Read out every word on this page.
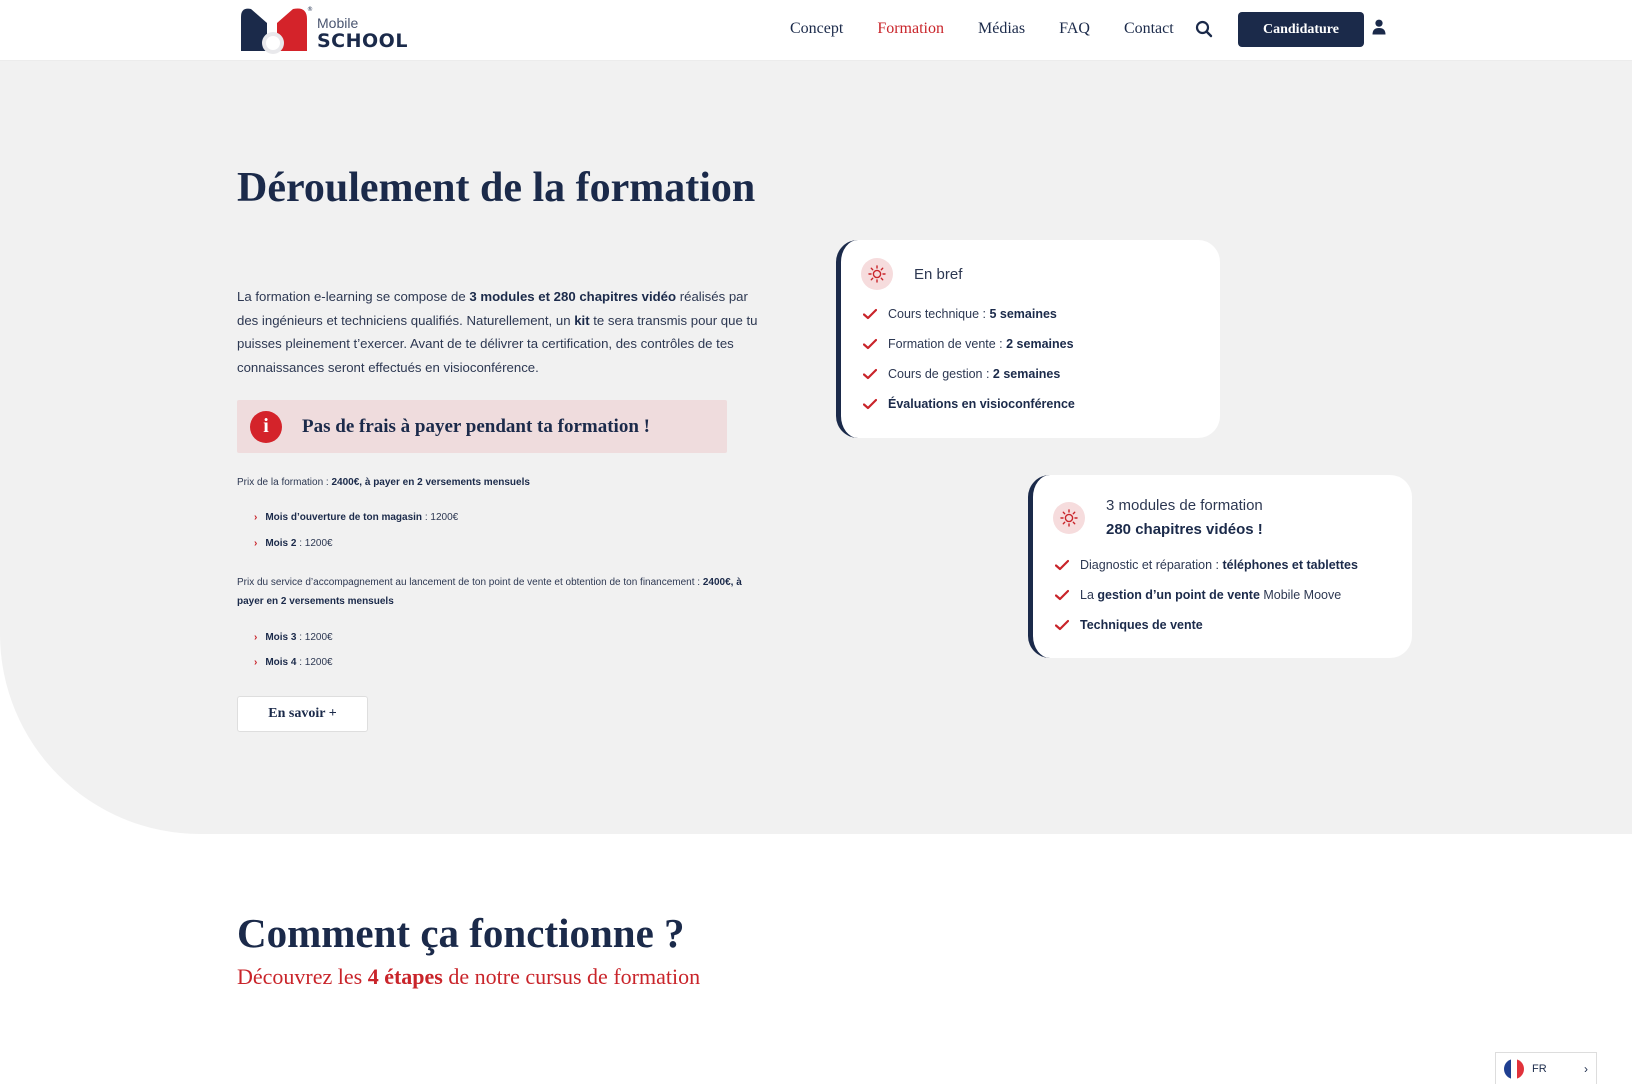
®
Mobile
SCHOOL
Concept Formation Médias FAQ Contact	Candidature
Déroulement de la formation

La formation e-learning se compose de 3 modules et 280 chapitres vidéo réalisés par des ingénieurs et techniciens qualifiés. Naturellement, un kit te sera transmis pour que tu puisses pleinement t’exercer. Avant de te délivrer ta certification, des contrôles de tes connaissances seront effectués en visioconférence.

i	Pas de frais à payer pendant ta formation !
Prix de la formation : 2400€, à payer en 2 versements mensuels
› Mois d’ouverture de ton magasin : 1200€
› Mois 2 : 1200€
Prix du service d’accompagnement au lancement de ton point de vente et obtention de ton financement : 2400€, à payer en 2 versements mensuels
› Mois 3 : 1200€
› Mois 4 : 1200€
En savoir +
En bref
Cours technique : 5 semaines
Formation de vente : 2 semaines
Cours de gestion : 2 semaines
Évaluations en visioconférence
3 modules de formation
280 chapitres vidéos !
Diagnostic et réparation : téléphones et tablettes
La gestion d’un point de vente Mobile Moove
Techniques de vente
Comment ça fonctionne ?
Découvrez les 4 étapes de notre cursus de formation
FR	›
